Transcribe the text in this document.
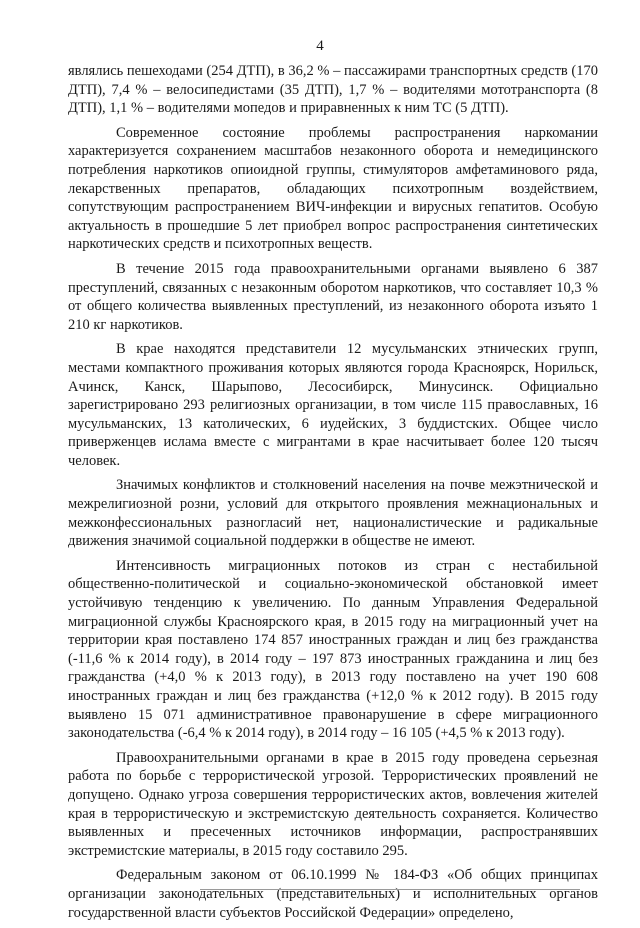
4

являлись пешеходами (254 ДТП), в 36,2 % – пассажирами транспортных средств (170 ДТП), 7,4 % – велосипедистами (35 ДТП), 1,7 % – водителями мототранспорта (8 ДТП), 1,1 % – водителями мопедов и приравненных к ним ТС (5 ДТП).

Современное состояние проблемы распространения наркомании характеризуется сохранением масштабов незаконного оборота и немедицинского потребления наркотиков опиоидной группы, стимуляторов амфетаминового ряда, лекарственных препаратов, обладающих психотропным воздействием, сопутствующим распространением ВИЧ-инфекции и вирусных гепатитов. Особую актуальность в прошедшие 5 лет приобрел вопрос распространения синтетических наркотических средств и психотропных веществ.

В течение 2015 года правоохранительными органами выявлено 6 387 преступлений, связанных с незаконным оборотом наркотиков, что составляет 10,3 % от общего количества выявленных преступлений, из незаконного оборота изъято 1 210 кг наркотиков.

В крае находятся представители 12 мусульманских этнических групп, местами компактного проживания которых являются города Красноярск, Норильск, Ачинск, Канск, Шарыпово, Лесосибирск, Минусинск. Официально зарегистрировано 293 религиозных организации, в том числе 115 православных, 16 мусульманских, 13 католических, 6 иудейских, 3 буддистских. Общее число приверженцев ислама вместе с мигрантами в крае насчитывает более 120 тысяч человек.

Значимых конфликтов и столкновений населения на почве межэтнической и межрелигиозной розни, условий для открытого проявления межнациональных и межконфессиональных разногласий нет, националистические и радикальные движения значимой социальной поддержки в обществе не имеют.

Интенсивность миграционных потоков из стран с нестабильной общественно-политической и социально-экономической обстановкой имеет устойчивую тенденцию к увеличению. По данным Управления Федеральной миграционной службы Красноярского края, в 2015 году на миграционный учет на территории края поставлено 174 857 иностранных граждан и лиц без гражданства (-11,6 % к 2014 году), в 2014 году – 197 873 иностранных гражданина и лиц без гражданства (+4,0 % к 2013 году), в 2013 году поставлено на учет 190 608 иностранных граждан и лиц без гражданства (+12,0 % к 2012 году). В 2015 году выявлено 15 071 административное правонарушение в сфере миграционного законодательства (-6,4 % к 2014 году), в 2014 году – 16 105 (+4,5 % к 2013 году).

Правоохранительными органами в крае в 2015 году проведена серьезная работа по борьбе с террористической угрозой. Террористических проявлений не допущено. Однако угроза совершения террористических актов, вовлечения жителей края в террористическую и экстремистскую деятельность сохраняется. Количество выявленных и пресеченных источников информации, распространявших экстремистские материалы, в 2015 году составило 295.

Федеральным законом от 06.10.1999 № 184-ФЗ «Об общих принципах организации законодательных (представительных) и исполнительных органов государственной власти субъектов Российской Федерации» определено,
